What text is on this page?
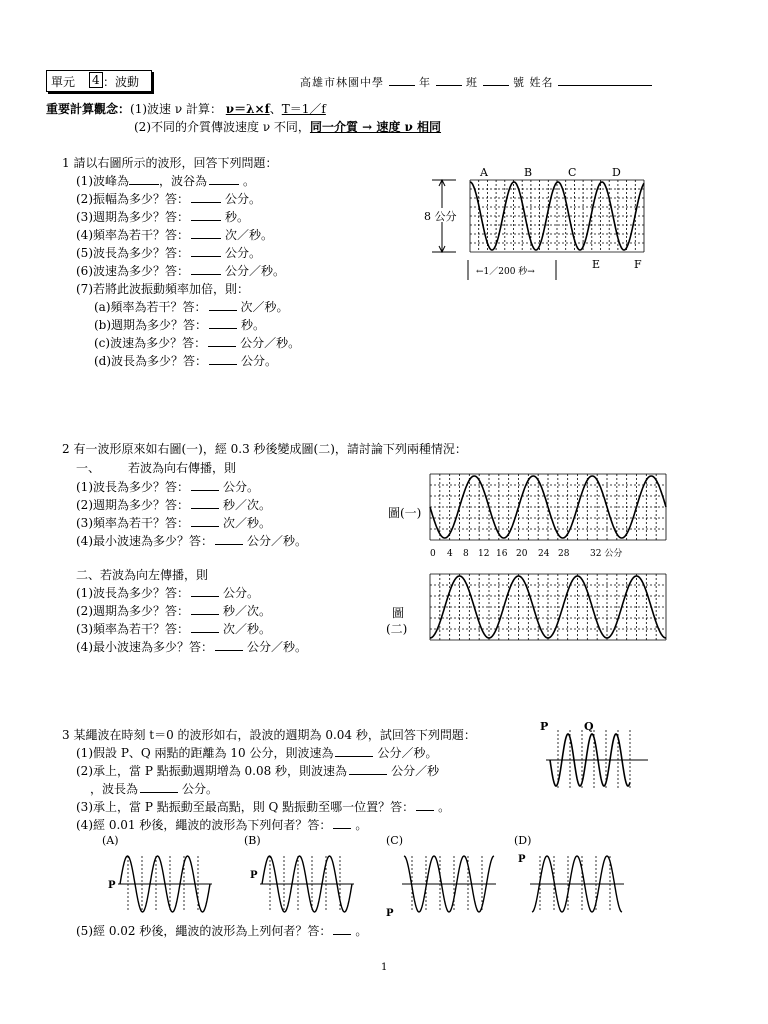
單元 4 ：波動	高雄市林園中學	年	班	號 姓名
重要計算觀念：(1)波速 ν 計算： ν＝λ×f、T＝1／f
(2)不同的介質傳波速度 ν 不同，同一介質 → 速度 ν 相同
1 請以右圖所示的波形，回答下列問題：
(1)波峰為	，波谷為	。
(2)振幅為多少？答：	公分。
(3)週期為多少？答：	秒。
(4)頻率為若干？答：	次／秒。
(5)波長為多少？答：	公分。
(6)波速為多少？答：	公分／秒。
(7)若將此波振動頻率加倍，則：
(a)頻率為若干？答：	次／秒。
(b)週期為多少？答：	秒。
(c)波速為多少？答：	公分／秒。
(d)波長為多少？答：	公分。
A	B	C	D
E	F
8 公分
←1／200 秒→
2 有一波形原來如右圖(一)，經 0.3 秒後變成圖(二)，請討論下列兩種情況：
一、 若波為向右傳播，則
二、若波為向左傳播，則
(1)波長為多少？答：	公分。
(2)週期為多少？答：	秒／次。
(3)頻率為若干？答：	次／秒。
(4)最小波速為多少？答：	公分／秒。
(1)波長為多少？答：	公分。
(2)週期為多少？答：	秒／次。
(3)頻率為若干？答：	次／秒。
(4)最小波速為多少？答：	公分／秒。
圖(一)
圖
(二)
0 4 8 12 16 20 24 28 32 公分
3 某繩波在時刻 t＝0 的波形如右，設波的週期為 0.04 秒，試回答下列問題：
(1)假設 P、Q 兩點的距離為 10 公分，則波速為	公分／秒。
(2)承上，當 P 點振動週期增為 0.08 秒，則波速為	公分／秒
，波長為	公分。
(3)承上，當 P 點振動至最高點，則 Q 點振動至哪一位置？答： 。
(4)經 0.01 秒後，繩波的波形為下列何者？答： 。
(5)經 0.02 秒後，繩波的波形為上列何者？答： 。
P	Q
(A)
P
(B)
P
(C)
P
(D)
P
1
